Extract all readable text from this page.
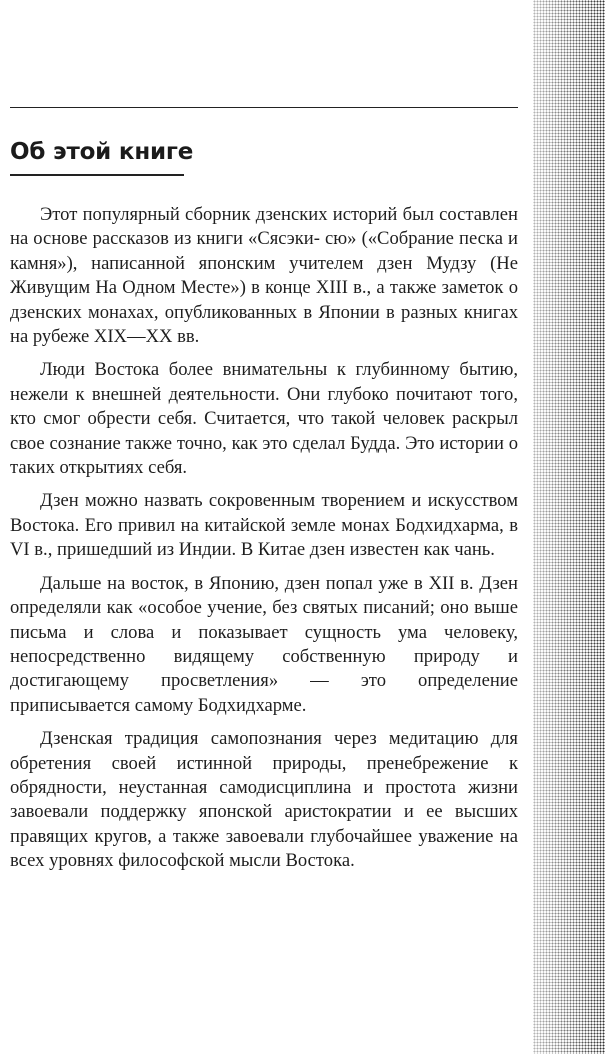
Об этой книге

Этот популярный сборник дзенских историй был составлен на основе рассказов из книги «Сясэки- сю» («Собрание песка и камня»), написанной японским учителем дзен Мудзу (Не Живущим На Одном Месте») в конце XIII в., а также заметок о дзенских монахах, опубликованных в Японии в разных книгах на рубеже XIX—XX вв.

Люди Востока более внимательны к глубинному бытию, нежели к внешней деятельности. Они глубоко почитают того, кто смог обрести себя. Считается, что такой человек раскрыл свое сознание также точно, как это сделал Будда. Это истории о таких открытиях себя.

Дзен можно назвать сокровенным творением и искусством Востока. Его привил на китайской земле монах Бодхидхарма, в VI в., пришедший из Индии. В Китае дзен известен как чань.

Дальше на восток, в Японию, дзен попал уже в XII в. Дзен определяли как «особое учение, без святых писаний; оно выше письма и слова и показывает сущность ума человеку, непосредственно видящему собственную природу и достигающему просветления» — это определение приписывается самому Бодхидхарме.

Дзенская традиция самопознания через медитацию для обретения своей истинной природы, пренебрежение к обрядности, неустанная самодисциплина и простота жизни завоевали поддержку японской аристократии и ее высших правящих кругов, а также завоевали глубочайшее уважение на всех уровнях философской мысли Востока.
